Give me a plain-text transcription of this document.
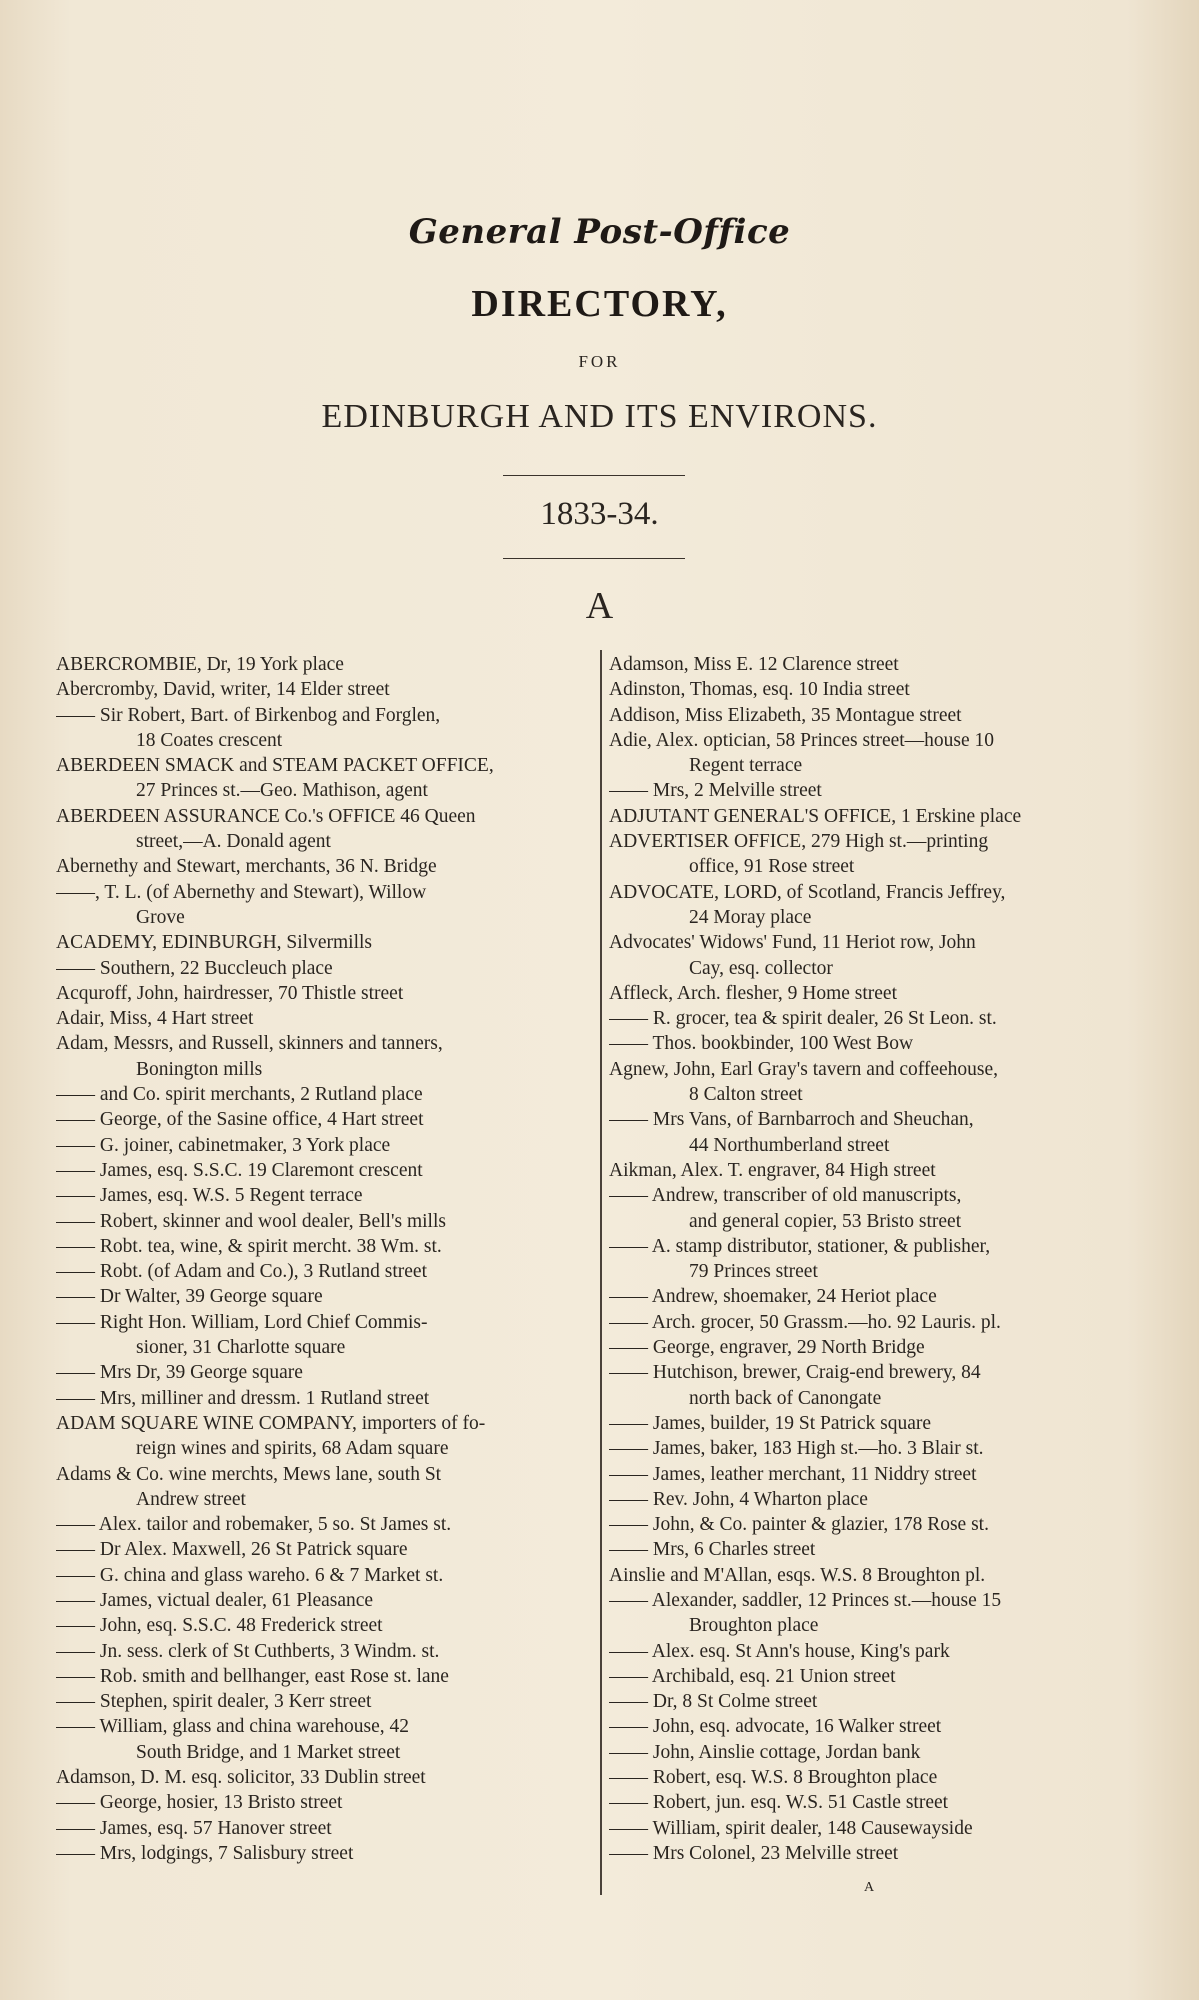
General Post-Office
DIRECTORY,
FOR
EDINBURGH AND ITS ENVIRONS.
1833-34.
A
ABERCROMBIE, Dr, 19 York place
Abercromby, David, writer, 14 Elder street
—— Sir Robert, Bart. of Birkenbog and Forglen,
18 Coates crescent
ABERDEEN SMACK and STEAM PACKET OFFICE,
27 Princes st.—Geo. Mathison, agent
ABERDEEN ASSURANCE Co.'s OFFICE 46 Queen
street,—A. Donald agent
Abernethy and Stewart, merchants, 36 N. Bridge
——, T. L. (of Abernethy and Stewart), Willow
Grove
ACADEMY, EDINBURGH, Silvermills
—— Southern, 22 Buccleuch place
Acquroff, John, hairdresser, 70 Thistle street
Adair, Miss, 4 Hart street
Adam, Messrs, and Russell, skinners and tanners,
Bonington mills
—— and Co. spirit merchants, 2 Rutland place
—— George, of the Sasine office, 4 Hart street
—— G. joiner, cabinetmaker, 3 York place
—— James, esq. S.S.C. 19 Claremont crescent
—— James, esq. W.S. 5 Regent terrace
—— Robert, skinner and wool dealer, Bell's mills
—— Robt. tea, wine, & spirit mercht. 38 Wm. st.
—— Robt. (of Adam and Co.), 3 Rutland street
—— Dr Walter, 39 George square
—— Right Hon. William, Lord Chief Commis-
sioner, 31 Charlotte square
—— Mrs Dr, 39 George square
—— Mrs, milliner and dressm. 1 Rutland street
ADAM SQUARE WINE COMPANY, importers of fo-
reign wines and spirits, 68 Adam square
Adams & Co. wine merchts, Mews lane, south St
Andrew street
—— Alex. tailor and robemaker, 5 so. St James st.
—— Dr Alex. Maxwell, 26 St Patrick square
—— G. china and glass wareho. 6 & 7 Market st.
—— James, victual dealer, 61 Pleasance
—— John, esq. S.S.C. 48 Frederick street
—— Jn. sess. clerk of St Cuthberts, 3 Windm. st.
—— Rob. smith and bellhanger, east Rose st. lane
—— Stephen, spirit dealer, 3 Kerr street
—— William, glass and china warehouse, 42
South Bridge, and 1 Market street
Adamson, D. M. esq. solicitor, 33 Dublin street
—— George, hosier, 13 Bristo street
—— James, esq. 57 Hanover street
—— Mrs, lodgings, 7 Salisbury street
Adamson, Miss E. 12 Clarence street
Adinston, Thomas, esq. 10 India street
Addison, Miss Elizabeth, 35 Montague street
Adie, Alex. optician, 58 Princes street—house 10
Regent terrace
—— Mrs, 2 Melville street
ADJUTANT GENERAL'S OFFICE, 1 Erskine place
ADVERTISER OFFICE, 279 High st.—printing
office, 91 Rose street
ADVOCATE, LORD, of Scotland, Francis Jeffrey,
24 Moray place
Advocates' Widows' Fund, 11 Heriot row, John
Cay, esq. collector
Affleck, Arch. flesher, 9 Home street
—— R. grocer, tea & spirit dealer, 26 St Leon. st.
—— Thos. bookbinder, 100 West Bow
Agnew, John, Earl Gray's tavern and coffeehouse,
8 Calton street
—— Mrs Vans, of Barnbarroch and Sheuchan,
44 Northumberland street
Aikman, Alex. T. engraver, 84 High street
—— Andrew, transcriber of old manuscripts,
and general copier, 53 Bristo street
—— A. stamp distributor, stationer, & publisher,
79 Princes street
—— Andrew, shoemaker, 24 Heriot place
—— Arch. grocer, 50 Grassm.—ho. 92 Lauris. pl.
—— George, engraver, 29 North Bridge
—— Hutchison, brewer, Craig-end brewery, 84
north back of Canongate
—— James, builder, 19 St Patrick square
—— James, baker, 183 High st.—ho. 3 Blair st.
—— James, leather merchant, 11 Niddry street
—— Rev. John, 4 Wharton place
—— John, & Co. painter & glazier, 178 Rose st.
—— Mrs, 6 Charles street
Ainslie and M'Allan, esqs. W.S. 8 Broughton pl.
—— Alexander, saddler, 12 Princes st.—house 15
Broughton place
—— Alex. esq. St Ann's house, King's park
—— Archibald, esq. 21 Union street
—— Dr, 8 St Colme street
—— John, esq. advocate, 16 Walker street
—— John, Ainslie cottage, Jordan bank
—— Robert, esq. W.S. 8 Broughton place
—— Robert, jun. esq. W.S. 51 Castle street
—— William, spirit dealer, 148 Causewayside
—— Mrs Colonel, 23 Melville street
A
